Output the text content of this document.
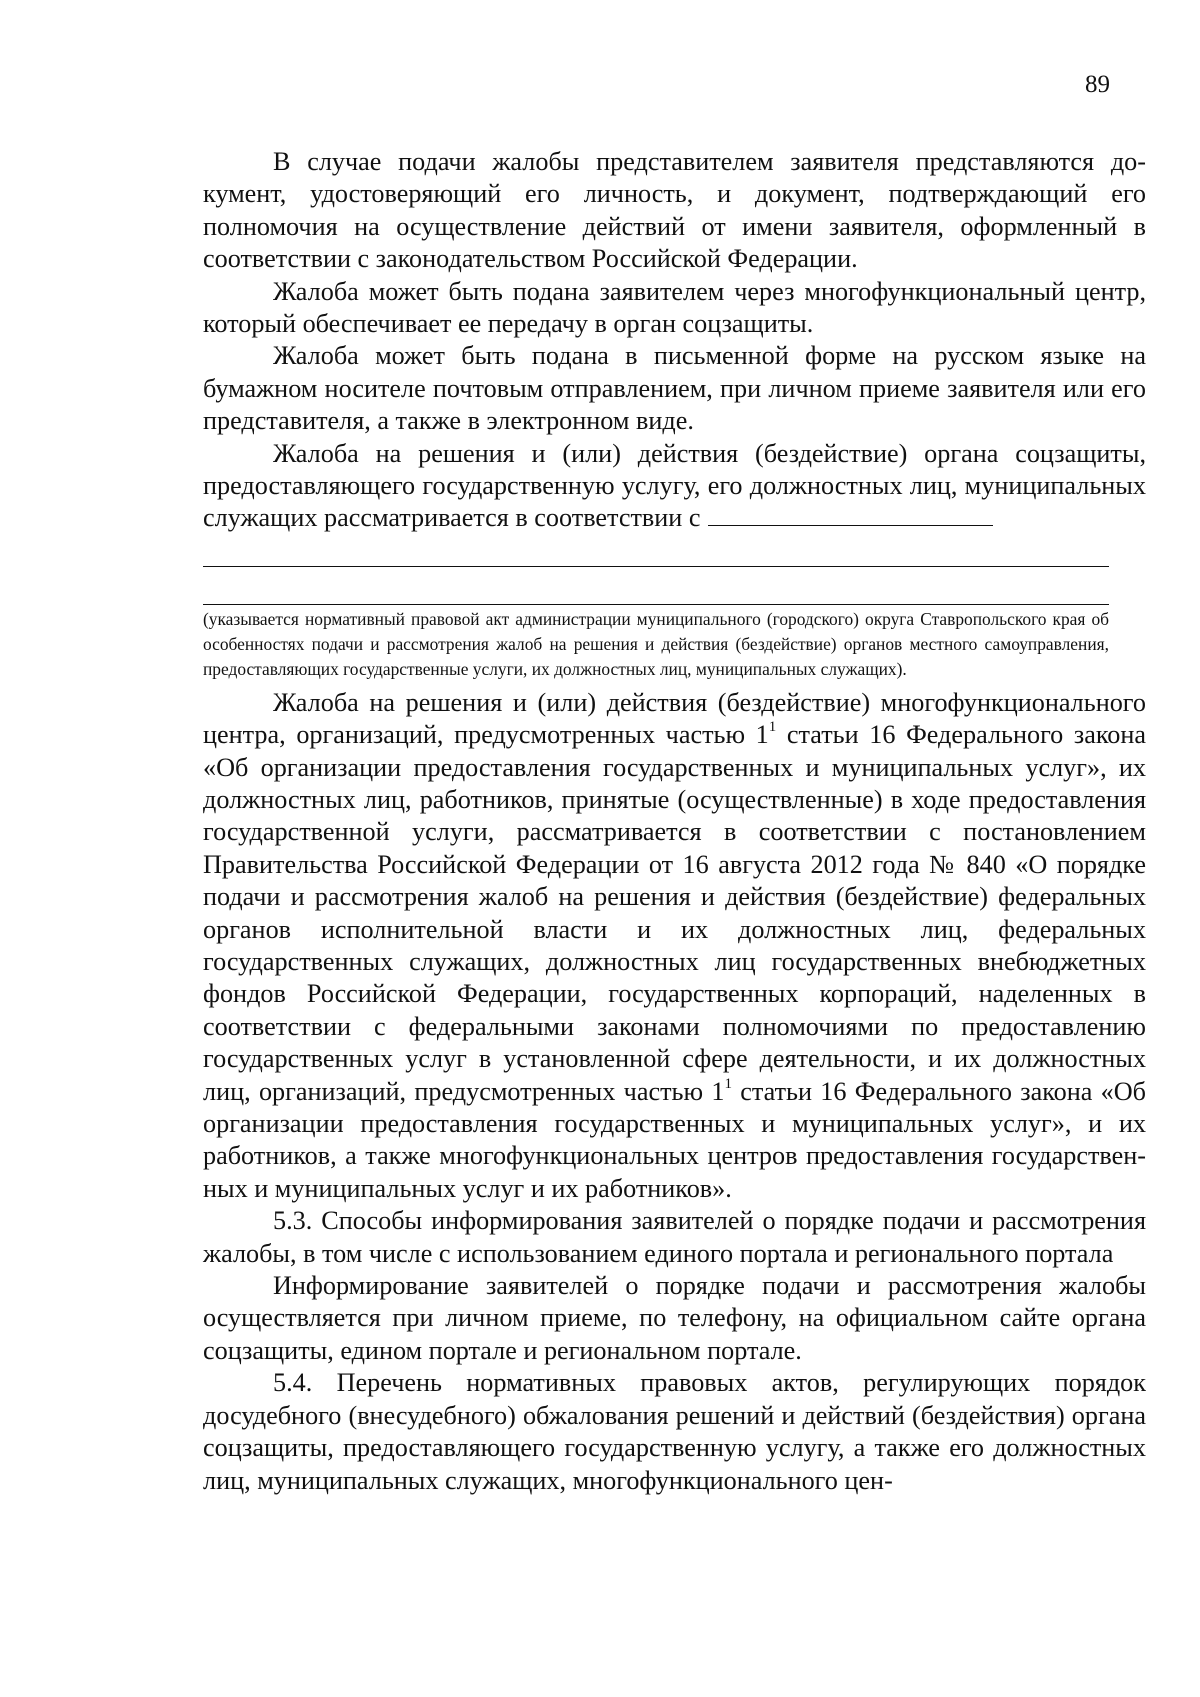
89

В случае подачи жалобы представителем заявителя представляются документ, удостоверяющий его личность, и документ, подтверждающий его полномочия на осуществление действий от имени заявителя, оформленный в соответствии с законодательством Российской Федерации.

Жалоба может быть подана заявителем через многофункциональный центр, который обеспечивает ее передачу в орган соцзащиты.

Жалоба может быть подана в письменной форме на русском языке на бумажном носителе почтовым отправлением, при личном приеме заявителя или его представителя, а также в электронном виде.

Жалоба на решения и (или) действия (бездействие) органа соцзащиты, предоставляющего государственную услугу, его должностных лиц, муниципальных служащих рассматривается в соответствии с

(указывается нормативный правовой акт администрации муниципального (городского) округа Ставропольского края об особенностях подачи и рассмотрения жалоб на решения и действия (бездействие) органов местного самоуправления, предоставляющих государственные услуги, их должностных лиц, муниципальных служащих).

Жалоба на решения и (или) действия (бездействие) многофункционального центра, организаций, предусмотренных частью $1^1$ статьи 16 Федерального закона «Об организации предоставления государственных и муниципальных услуг», их должностных лиц, работников, принятые (осуществленные) в ходе предоставления государственной услуги, рассматривается в соответствии с постановлением Правительства Российской Федерации от 16 августа 2012 года № 840 «О порядке подачи и рассмотрения жалоб на решения и действия (бездействие) федеральных органов исполнительной власти и их должностных лиц, федеральных государственных служащих, должностных лиц государственных внебюджетных фондов Российской Федерации, государственных корпораций, наделенных в соответствии с федеральными законами полномочиями по предоставлению государственных услуг в установленной сфере деятельности, и их должностных лиц, организаций, предусмотренных частью $1^1$ статьи 16 Федерального закона «Об организации предоставления государственных и муниципальных услуг», и их работников, а также многофункциональных центров предоставления государственных и муниципальных услуг и их работников».

5.3. Способы информирования заявителей о порядке подачи и рассмотрения жалобы, в том числе с использованием единого портала и регионального портала

Информирование заявителей о порядке подачи и рассмотрения жалобы осуществляется при личном приеме, по телефону, на официальном сайте органа соцзащиты, едином портале и региональном портале.

5.4. Перечень нормативных правовых актов, регулирующих порядок досудебного (внесудебного) обжалования решений и действий (бездействия) органа соцзащиты, предоставляющего государственную услугу, а также его должностных лиц, муниципальных служащих, многофункционального цен-
